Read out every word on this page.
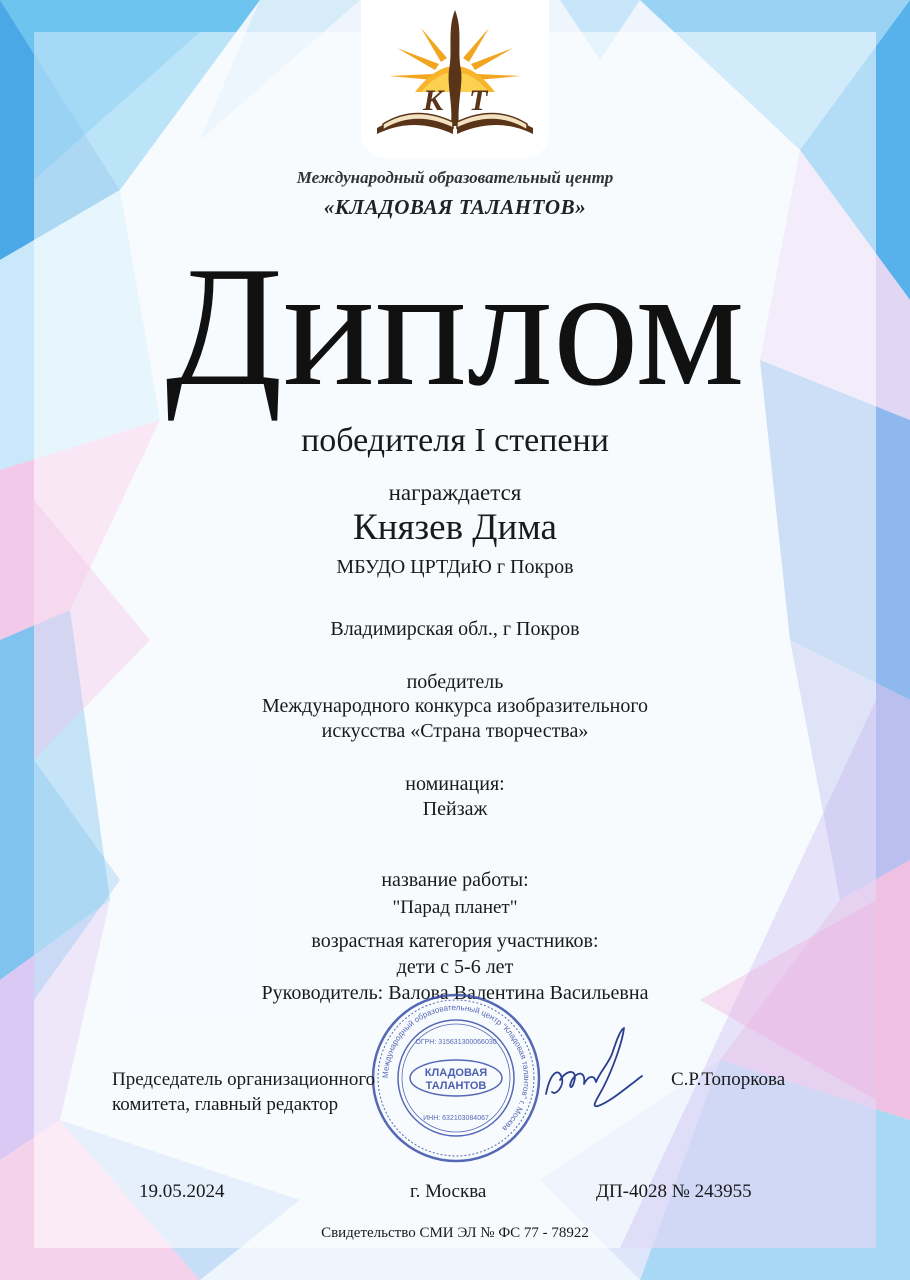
К Т
Международный образовательный центр
«КЛАДОВАЯ ТАЛАНТОВ»
Диплом
победителя I степени
награждается
Князев Дима
МБУДО ЦРТДиЮ г Покров
Владимирская обл., г Покров
победитель
Международного конкурса изобразительного
искусства «Страна творчества»
номинация:
Пейзаж
название работы:
"Парад планет"
возрастная категория участников:
дети с 5-6 лет
Руководитель: Валова Валентина Васильевна
Международный образовательный центр "Кладовая талантов" г. Москва
ОГРН: 315631300066030
ИНН: 632103084067
КЛАДОВАЯ
ТАЛАНТОВ
Председатель организационного
комитета, главный редактор
С.Р.Топоркова
19.05.2024	г. Москва	ДП-4028 № 243955
Свидетельство СМИ ЭЛ № ФС 77 - 78922
